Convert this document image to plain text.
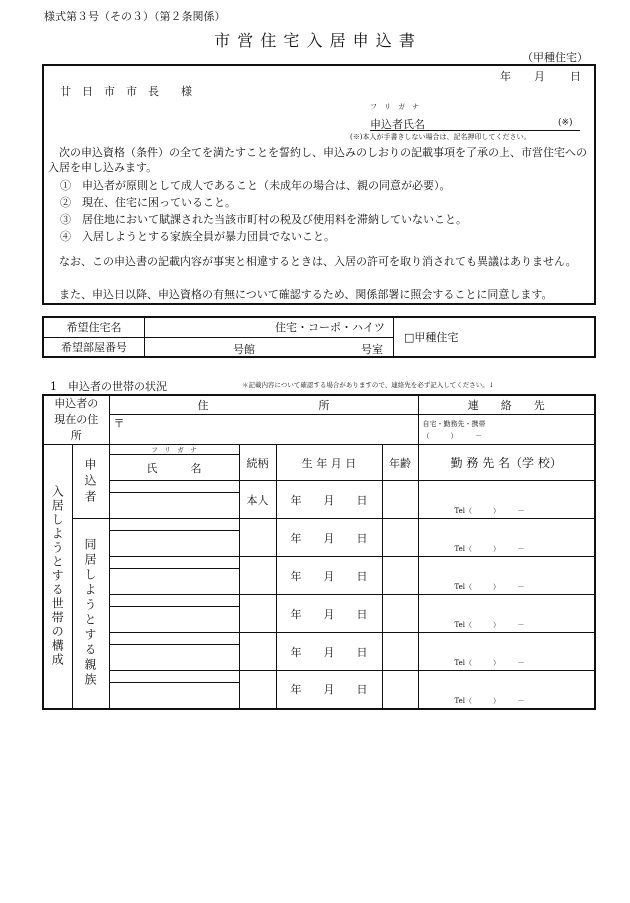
様式第３号（その３）（第２条関係）
市 営 住 宅 入 居 申 込 書
（甲種住宅）
年 月 日
廿　日　市　市　長　　様
フ　リ　ガ　ナ
申込者氏名	(※)
(※)本人が手書きしない場合は、記名押印してください。
次の申込資格（条件）の全てを満たすことを誓約し、申込みのしおりの記載事項を了承の上、市営住宅への入居を申し込みます。
①　 申込者が原則として成人であること（未成年の場合は、親の同意が必要）。
②　 現在、住宅に困っていること。
③　 居住地において賦課された当該市町村の税及び使用料を滞納していないこと。
④　 入居しようとする家族全員が暴力団員でないこと。
なお、この申込書の記載内容が事実と相違するときは、入居の許可を取り消されても異議はありません。
また、申込日以降、申込資格の有無について確認するため、関係部署に照会することに同意します。
希望住宅名	住宅・コーポ・ハイツ	□甲種住宅
希望部屋番号	号館 号室	
1　申込者の世帯の状況	＊記載内容について確認する場合がありますので、連絡先を必ず記入してください。↓
申込者の現在の住所		住　　　　　　　　　　所				連　　絡　　先
		〒				自宅・勤務先・携帯
（　　　）　　　－

入居しようとする世帯の構成	申込者	フ　リ　ガ　ナ	続柄	生 年 月 日	年齢	勤 務 先 名（学 校）
		氏　　　名				
			本人	年　　月　　日		Tel（　　　）　　　－

	同居しようとする親族			年　　月　　日		Tel（　　　）　　　－

				年　　月　　日		Tel（　　　）　　　－

				年　　月　　日		Tel（　　　）　　　－

				年　　月　　日		Tel（　　　）　　　－

				年　　月　　日		Tel（　　　）　　　－
